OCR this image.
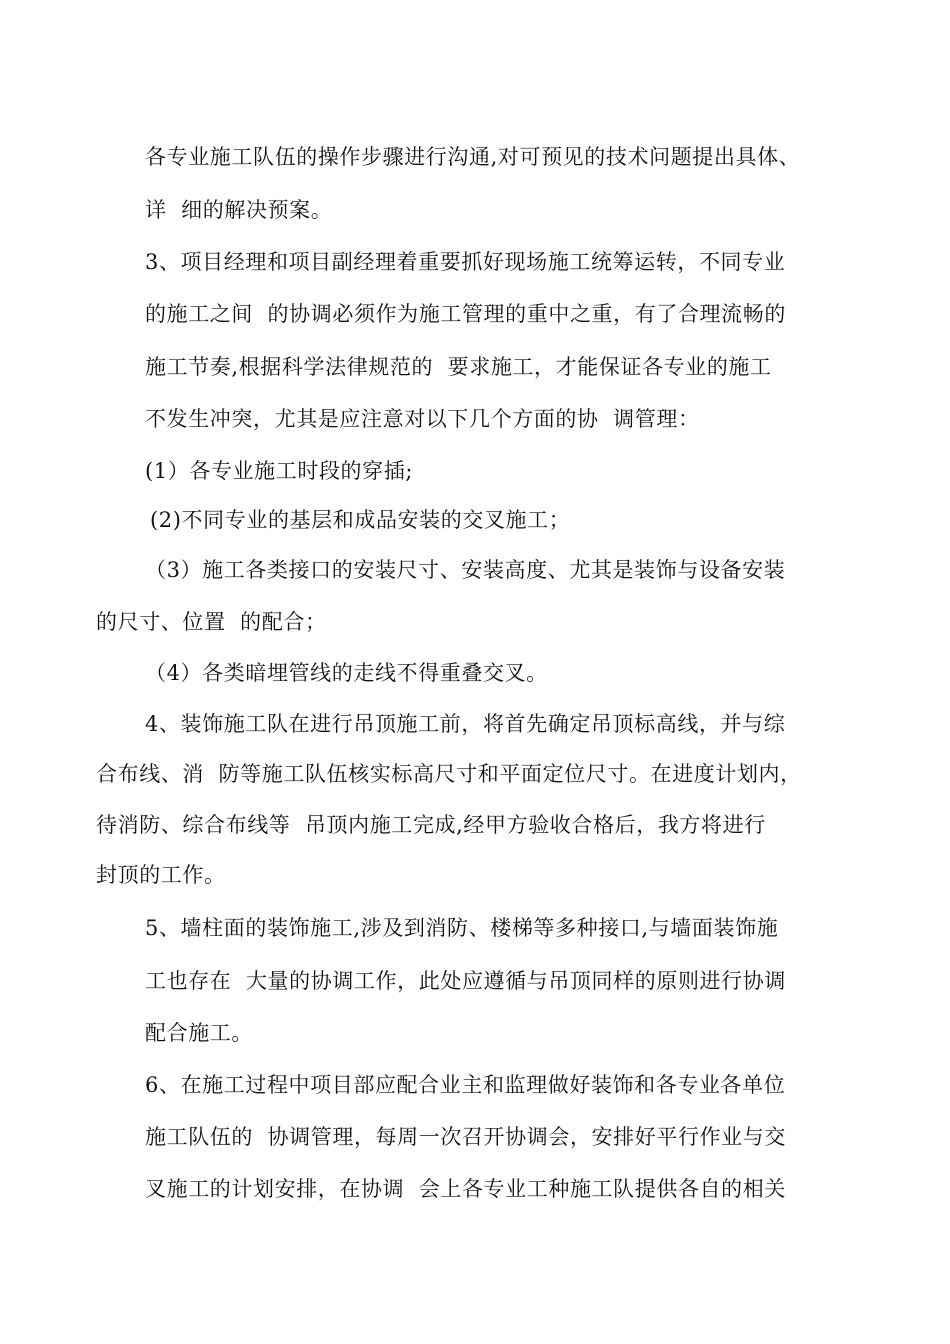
各专业施工队伍的操作步骤进行沟通,对可预见的技术问题提出具体、
详  细的解决预案。
3、项目经理和项目副经理着重要抓好现场施工统筹运转，不同专业
的施工之间  的协调必须作为施工管理的重中之重，有了合理流畅的
施工节奏,根据科学法律规范的  要求施工，才能保证各专业的施工
不发生冲突，尤其是应注意对以下几个方面的协  调管理：
(1）各专业施工时段的穿插;
(2)不同专业的基层和成品安装的交叉施工；
（3）施工各类接口的安装尺寸、安装高度、尤其是装饰与设备安装
的尺寸、位置  的配合；
（4）各类暗埋管线的走线不得重叠交叉。
4、装饰施工队在进行吊顶施工前，将首先确定吊顶标高线，并与综
合布线、消  防等施工队伍核实标高尺寸和平面定位尺寸。在进度计划内，
待消防、综合布线等  吊顶内施工完成,经甲方验收合格后，我方将进行
封顶的工作。
5、墙柱面的装饰施工,涉及到消防、楼梯等多种接口,与墙面装饰施
工也存在  大量的协调工作，此处应遵循与吊顶同样的原则进行协调
配合施工。
6、在施工过程中项目部应配合业主和监理做好装饰和各专业各单位
施工队伍的  协调管理，每周一次召开协调会，安排好平行作业与交
叉施工的计划安排，在协调  会上各专业工种施工队提供各自的相关
